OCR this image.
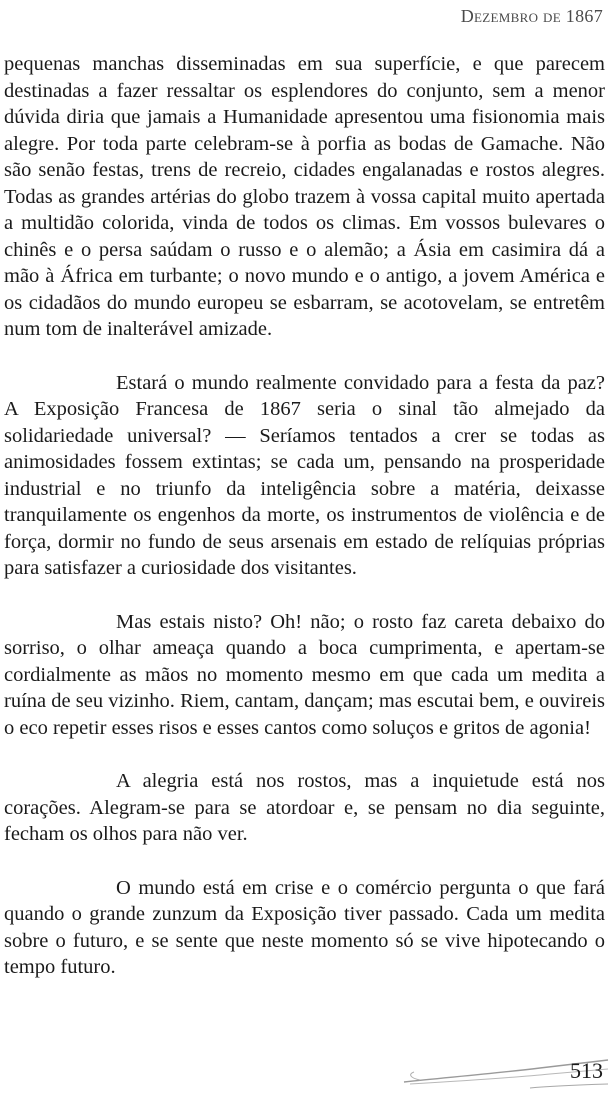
Dezembro de 1867

pequenas manchas disseminadas em sua superfície, e que parecem destinadas a fazer ressaltar os esplendores do conjunto, sem a menor dúvida diria que jamais a Humanidade apresentou uma fisionomia mais alegre. Por toda parte celebram-se à porfia as bodas de Gamache. Não são senão festas, trens de recreio, cidades engalanadas e rostos alegres. Todas as grandes artérias do globo trazem à vossa capital muito apertada a multidão colorida, vinda de todos os climas. Em vossos bulevares o chinês e o persa saúdam o russo e o alemão; a Ásia em casimira dá a mão à África em turbante; o novo mundo e o antigo, a jovem América e os cidadãos do mundo europeu se esbarram, se acotovelam, se entretêm num tom de inalterável amizade.

Estará o mundo realmente convidado para a festa da paz? A Exposição Francesa de 1867 seria o sinal tão almejado da solidariedade universal? — Seríamos tentados a crer se todas as animosidades fossem extintas; se cada um, pensando na prosperidade industrial e no triunfo da inteligência sobre a matéria, deixasse tranquilamente os engenhos da morte, os instrumentos de violência e de força, dormir no fundo de seus arsenais em estado de relíquias próprias para satisfazer a curiosidade dos visitantes.

Mas estais nisto? Oh! não; o rosto faz careta debaixo do sorriso, o olhar ameaça quando a boca cumprimenta, e apertam-se cordialmente as mãos no momento mesmo em que cada um medita a ruína de seu vizinho. Riem, cantam, dançam; mas escutai bem, e ouvireis o eco repetir esses risos e esses cantos como soluços e gritos de agonia!

A alegria está nos rostos, mas a inquietude está nos corações. Alegram-se para se atordoar e, se pensam no dia seguinte, fecham os olhos para não ver.

O mundo está em crise e o comércio pergunta o que fará quando o grande zunzum da Exposição tiver passado. Cada um medita sobre o futuro, e se sente que neste momento só se vive hipotecando o tempo futuro.

513
